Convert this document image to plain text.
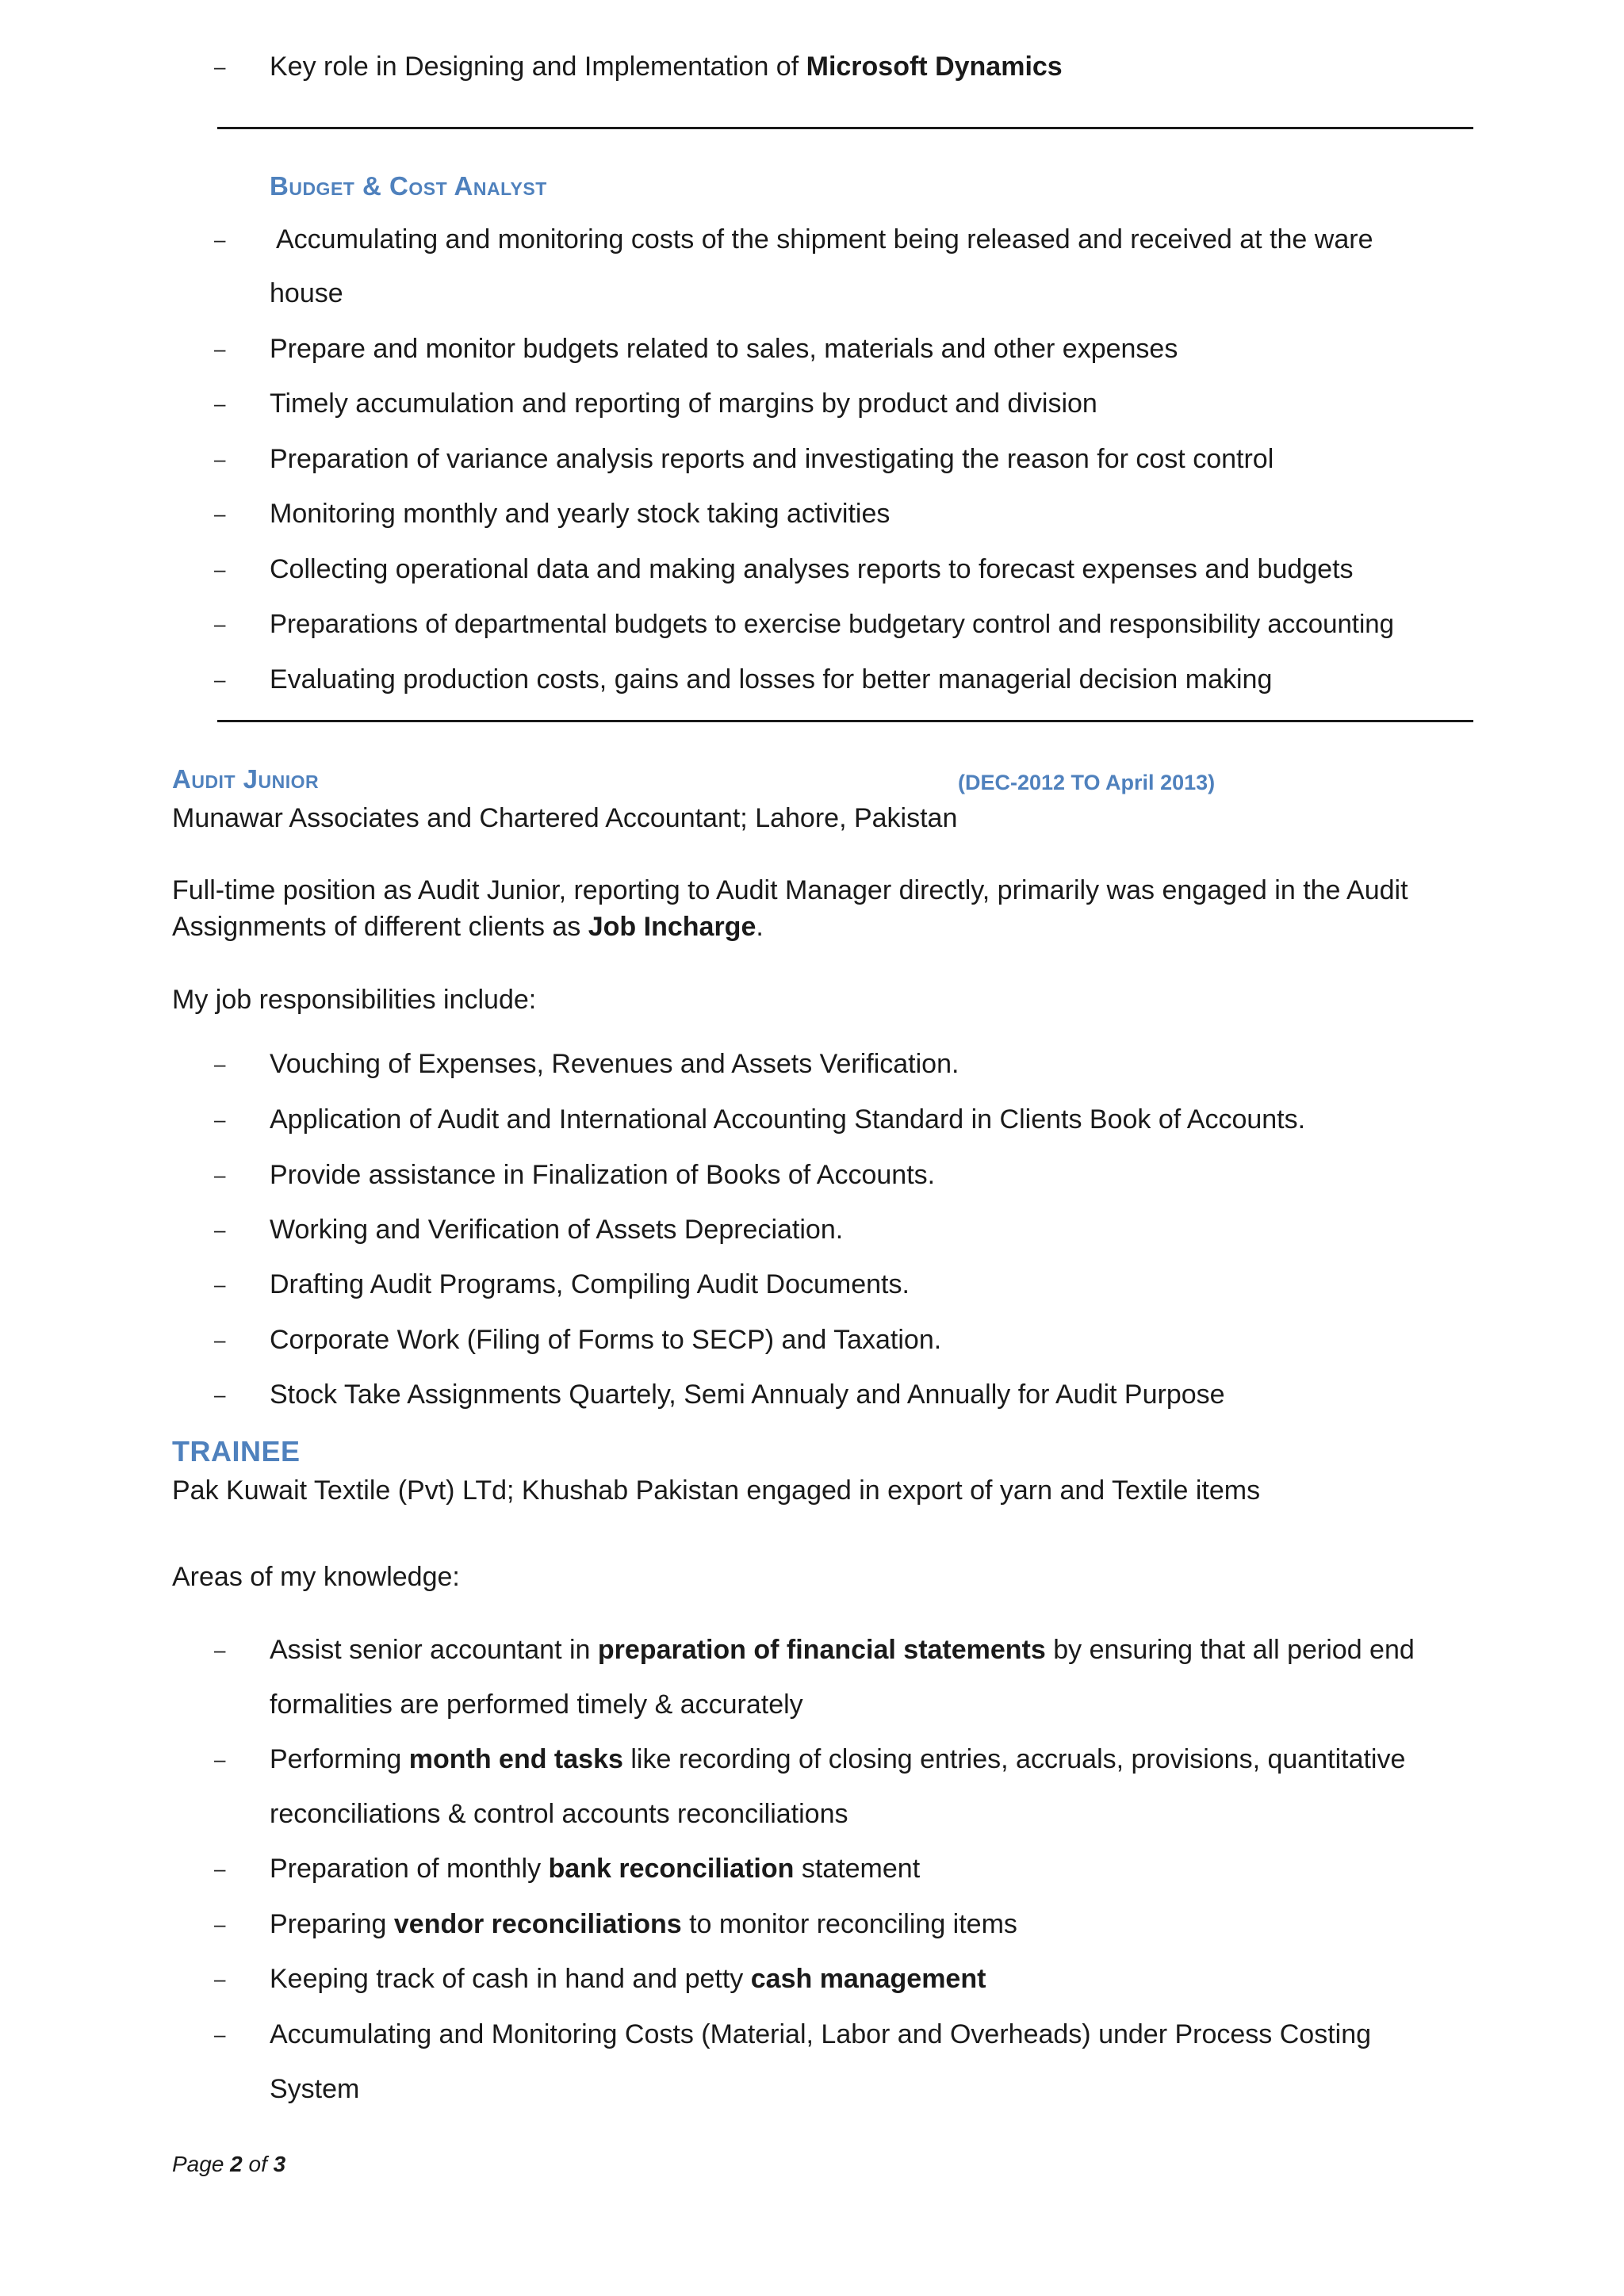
– Key role in Designing and Implementation of Microsoft Dynamics
Budget & Cost Analyst
– Accumulating and monitoring costs of the shipment being released and received at the ware
house
– Prepare and monitor budgets related to sales, materials and other expenses
– Timely accumulation and reporting of margins by product and division
– Preparation of variance analysis reports and investigating the reason for cost control
– Monitoring monthly and yearly stock taking activities
– Collecting operational data and making analyses reports to forecast expenses and budgets
– Preparations of departmental budgets to exercise budgetary control and responsibility accounting
– Evaluating production costs, gains and losses for better managerial decision making
Audit Junior	(DEC-2012 TO April 2013)
Munawar Associates and Chartered Accountant; Lahore, Pakistan
Full-time position as Audit Junior, reporting to Audit Manager directly, primarily was engaged in the Audit
Assignments of different clients as Job Incharge.
My job responsibilities include:
– Vouching of Expenses, Revenues and Assets Verification.
– Application of Audit and International Accounting Standard in Clients Book of Accounts.
– Provide assistance in Finalization of Books of Accounts.
– Working and Verification of Assets Depreciation.
– Drafting Audit Programs, Compiling Audit Documents.
– Corporate Work (Filing of Forms to SECP) and Taxation.
– Stock Take Assignments Quartely, Semi Annualy and Annually for Audit Purpose
TRAINEE
Pak Kuwait Textile (Pvt) LTd; Khushab Pakistan engaged in export of yarn and Textile items
Areas of my knowledge:
– Assist senior accountant in preparation of financial statements by ensuring that all period end
formalities are performed timely & accurately
– Performing month end tasks like recording of closing entries, accruals, provisions, quantitative
reconciliations & control accounts reconciliations
– Preparation of monthly bank reconciliation statement
– Preparing vendor reconciliations to monitor reconciling items
– Keeping track of cash in hand and petty cash management
– Accumulating and Monitoring Costs (Material, Labor and Overheads) under Process Costing
System
Page 2 of 3
